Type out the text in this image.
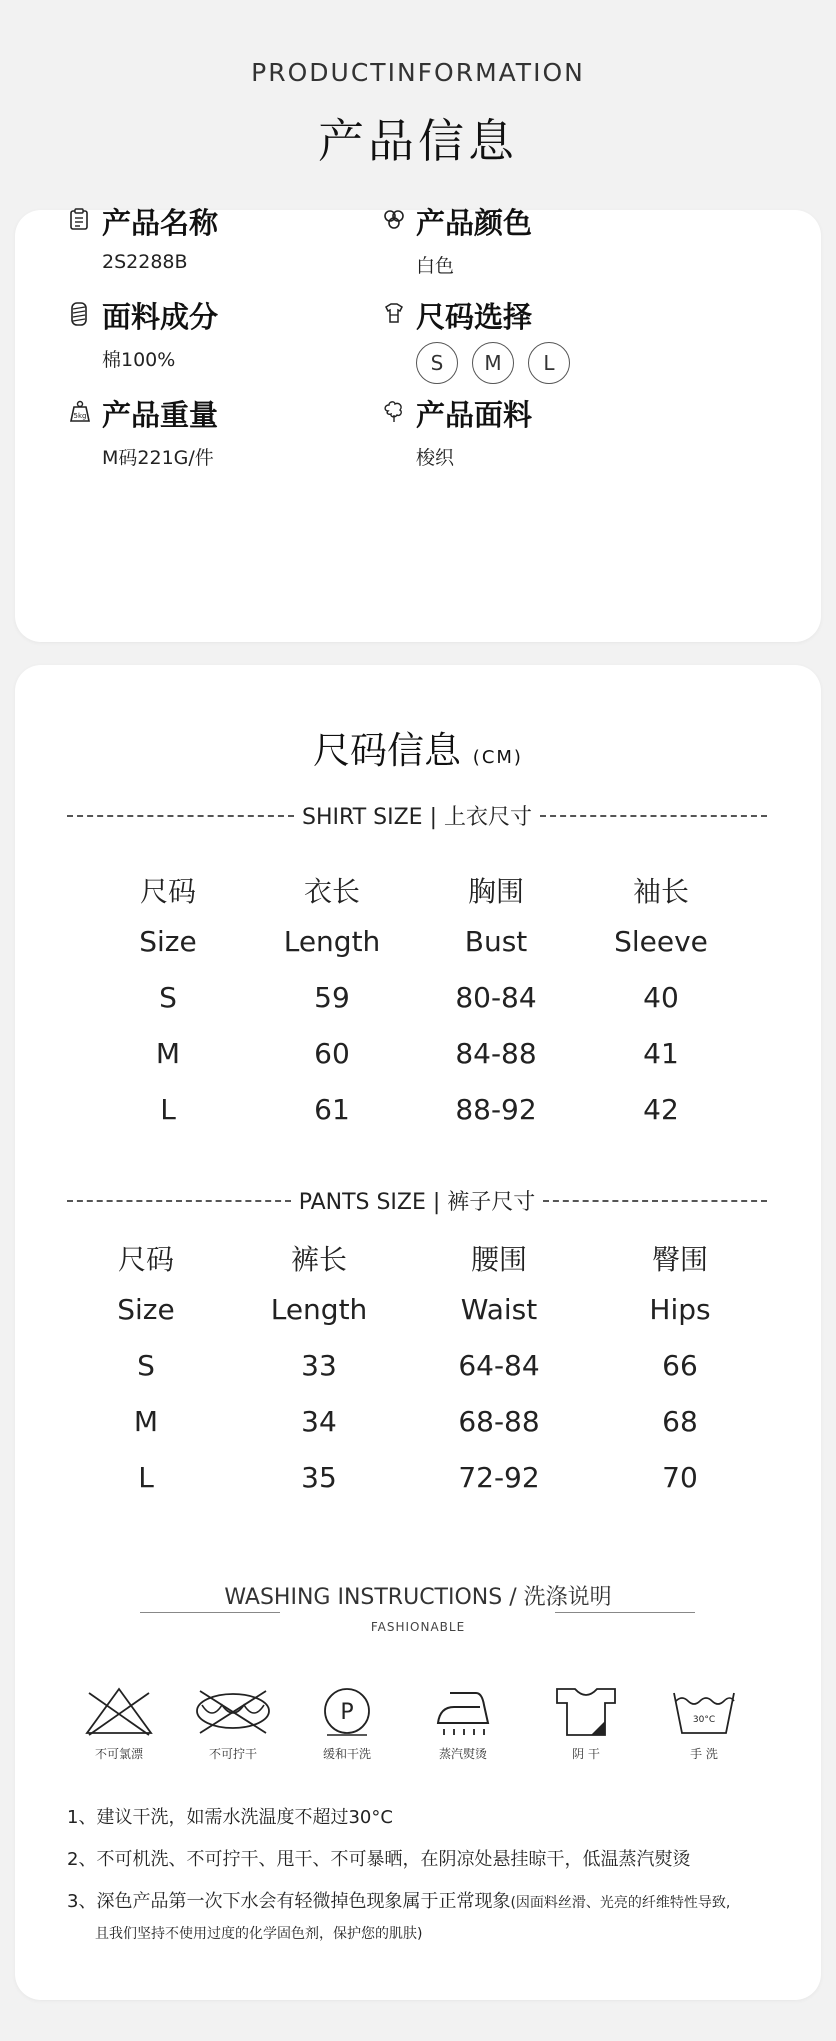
PRODUCTINFORMATION
产品信息
产品名称
2S2288B
产品颜色
白色
面料成分
棉100%
尺码选择
S	M	L
5kg 产品重量
M码221G/件
产品面料
梭织
尺码信息 (CM)
SHIRT SIZE | 上衣尺寸
尺码	衣长	胸围	袖长
Size	Length	Bust	Sleeve
S	59	80-84	40
M	60	84-88	41
L	61	88-92	42
PANTS SIZE | 裤子尺寸
尺码	裤长	腰围	臀围
Size	Length	Waist	Hips
S	33	64-84	66
M	34	68-88	68
L	35	72-92	70
WASHING INSTRUCTIONS / 洗涤说明
FASHIONABLE
不可氯漂	不可拧干
P
缓和干洗	蒸汽熨烫	阴 干
30°C
手 洗
1、建议干洗，如需水洗温度不超过30°C
2、不可机洗、不可拧干、甩干、不可暴晒，在阴凉处悬挂晾干，低温蒸汽熨烫
3、深色产品第一次下水会有轻微掉色现象属于正常现象(因面料丝滑、光亮的纤维特性导致,
且我们坚持不使用过度的化学固色剂，保护您的肌肤)
